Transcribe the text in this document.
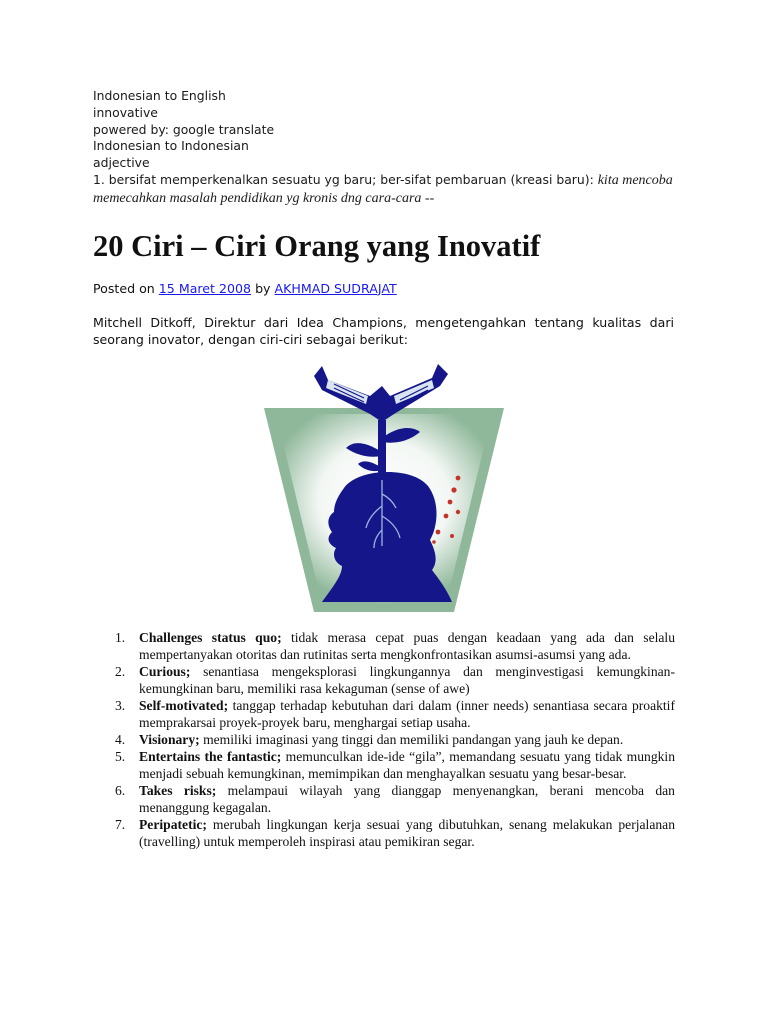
Indonesian to English
innovative
powered by: google translate
Indonesian to Indonesian
adjective
1. bersifat memperkenalkan sesuatu yg baru; ber-sifat pembaruan (kreasi baru): kita mencoba memecahkan masalah pendidikan yg kronis dng cara-cara --
20 Ciri – Ciri Orang yang Inovatif
Posted on 15 Maret 2008 by AKHMAD SUDRAJAT
Mitchell Ditkoff, Direktur dari Idea Champions, mengetengahkan tentang kualitas dari seorang inovator, dengan ciri-ciri sebagai berikut:
1. Challenges status quo; tidak merasa cepat puas dengan keadaan yang ada dan selalu mempertanyakan otoritas dan rutinitas serta mengkonfrontasikan asumsi-asumsi yang ada.
2. Curious; senantiasa mengeksplorasi lingkungannya dan menginvestigasi kemungkinan-kemungkinan baru, memiliki rasa kekaguman (sense of awe)
3. Self-motivated; tanggap terhadap kebutuhan dari dalam (inner needs) senantiasa secara proaktif memprakarsai proyek-proyek baru, menghargai setiap usaha.
4. Visionary; memiliki imaginasi yang tinggi dan memiliki pandangan yang jauh ke depan.
5. Entertains the fantastic; memunculkan ide-ide “gila”, memandang sesuatu yang tidak mungkin menjadi sebuah kemungkinan, memimpikan dan menghayalkan sesuatu yang besar-besar.
6. Takes risks; melampaui wilayah yang dianggap menyenangkan, berani mencoba dan menanggung kegagalan.
7. Peripatetic; merubah lingkungan kerja sesuai yang dibutuhkan, senang melakukan perjalanan (travelling) untuk memperoleh inspirasi atau pemikiran segar.
